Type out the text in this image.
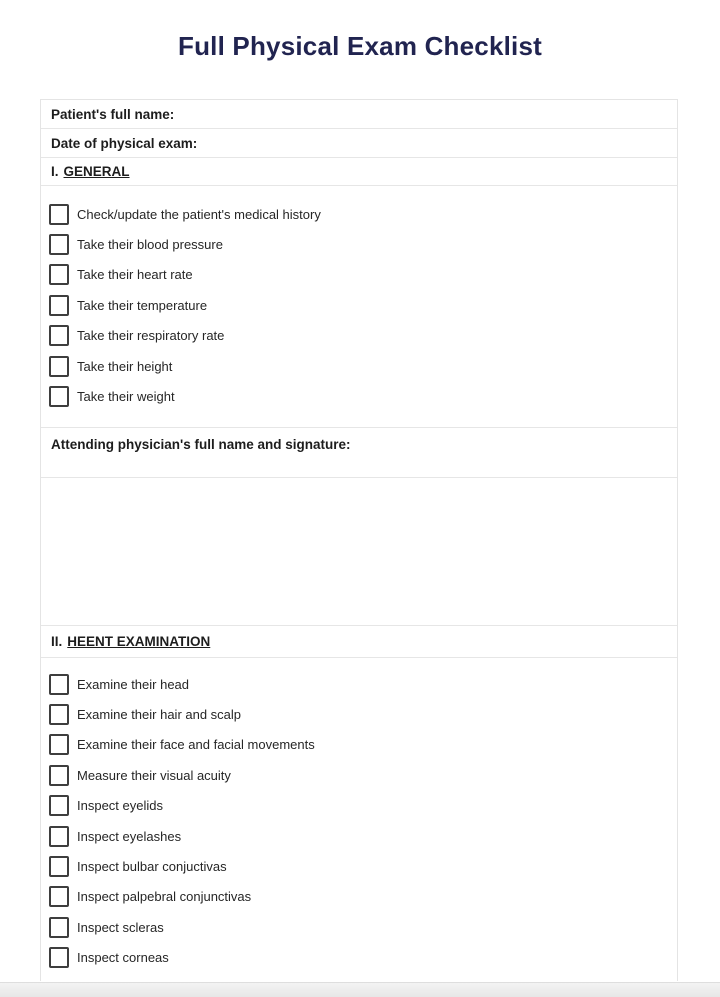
Full Physical Exam Checklist
Patient's full name:
Date of physical exam:
I. GENERAL
Check/update the patient's medical history
Take their blood pressure
Take their heart rate
Take their temperature
Take their respiratory rate
Take their height
Take their weight
Attending physician's full name and signature:
II. HEENT EXAMINATION
Examine their head
Examine their hair and scalp
Examine their face and facial movements
Measure their visual acuity
Inspect eyelids
Inspect eyelashes
Inspect bulbar conjuctivas
Inspect palpebral conjunctivas
Inspect scleras
Inspect corneas
